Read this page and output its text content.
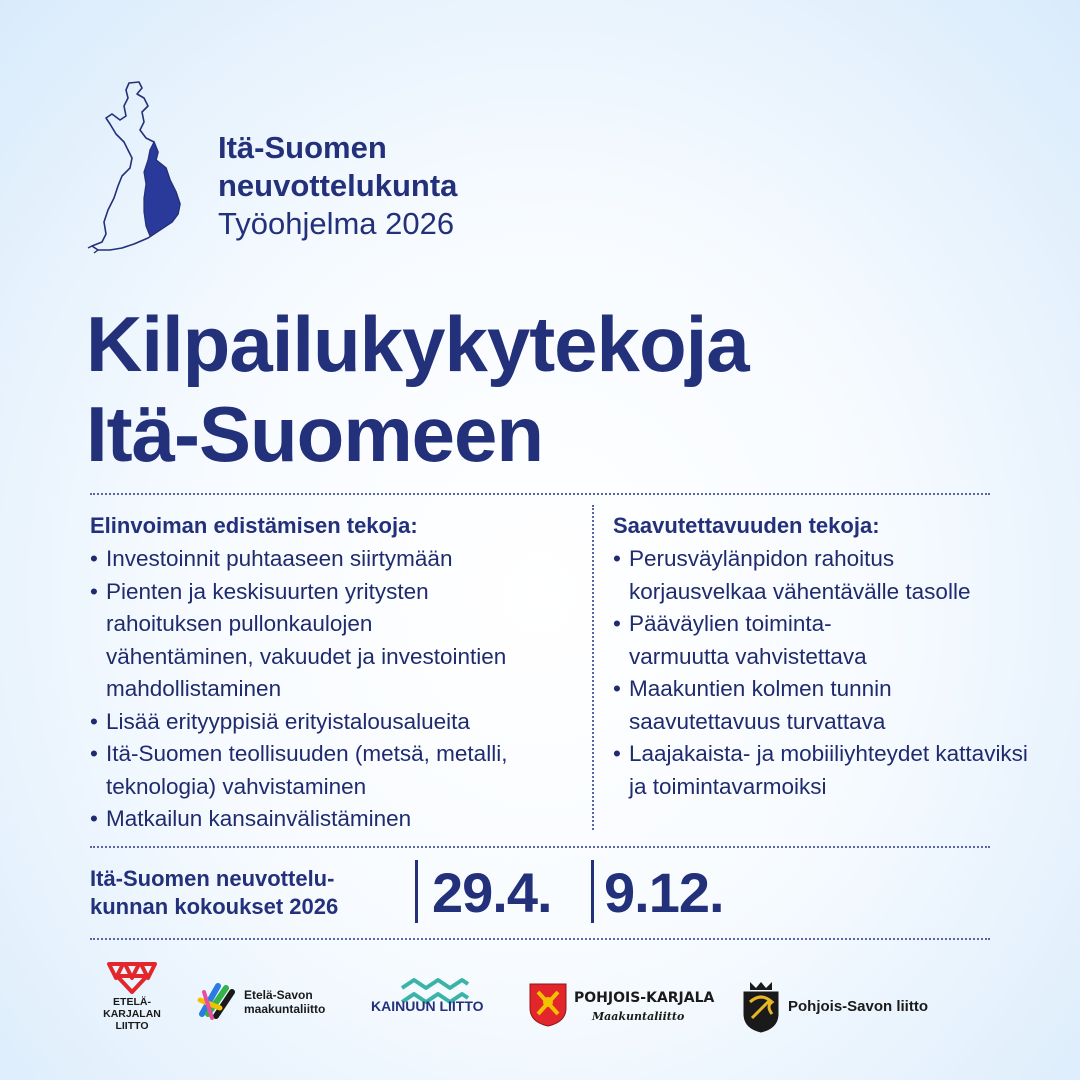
Itä-Suomen
neuvottelukunta
Työohjelma 2026
Kilpailukykytekoja
Itä-Suomeen
Elinvoiman edistämisen tekoja:
• Investoinnit puhtaaseen siirtymään
• Pienten ja keskisuurten yritysten rahoituksen pullonkaulojen vähentäminen, vakuudet ja investointien mahdollistaminen
• Lisää erityyppisiä erityistalousalueita
• Itä-Suomen teollisuuden (metsä, metalli, teknologia) vahvistaminen
• Matkailun kansainvälistäminen
Saavutettavuuden tekoja:
• Perusväylänpidon rahoitus korjausvelkaa vähentävälle tasolle
• Pääväylien toiminta-varmuutta vahvistettava
• Maakuntien kolmen tunnin saavutettavuus turvattava
• Laajakaista- ja mobiiliyhteydet kattaviksi ja toimintavarmoiksi
Itä-Suomen neuvottelu-
kunnan kokoukset 2026 29.4. 9.12.
ETELÄ-
KARJALAN
LIITTO
Etelä-Savon
maakuntaliitto	KAINUUN LIITTO	POHJOIS-KARJALA
Maakuntaliitto
Pohjois-Savon liitto
